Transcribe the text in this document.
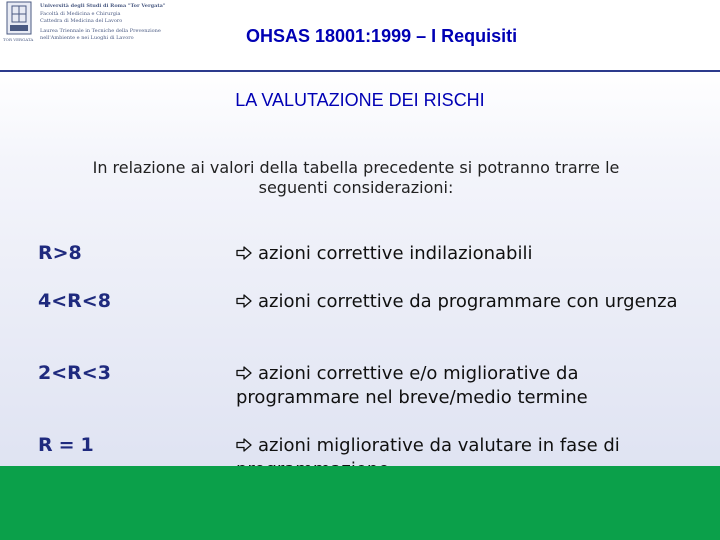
TOR VERGATA
Università degli Studi di Roma "Tor Vergata"
Facoltà di Medicina e Chirurgia
Cattedra di Medicina del Lavoro
Laurea Triennale in Tecniche della Prevenzione
nell'Ambiente e nei Luoghi di Lavoro	OHSAS 18001:1999 – I Requisiti
LA VALUTAZIONE DEI RISCHI
In relazione ai valori della tabella precedente si potranno trarre le
seguenti considerazioni:
R>8	azioni correttive indilazionabili
4<R<8	azioni correttive da programmare con urgenza
2<R<3	azioni correttive e/o migliorative da programmare nel breve/medio termine
R=1	azioni migliorative da valutare in fase di
